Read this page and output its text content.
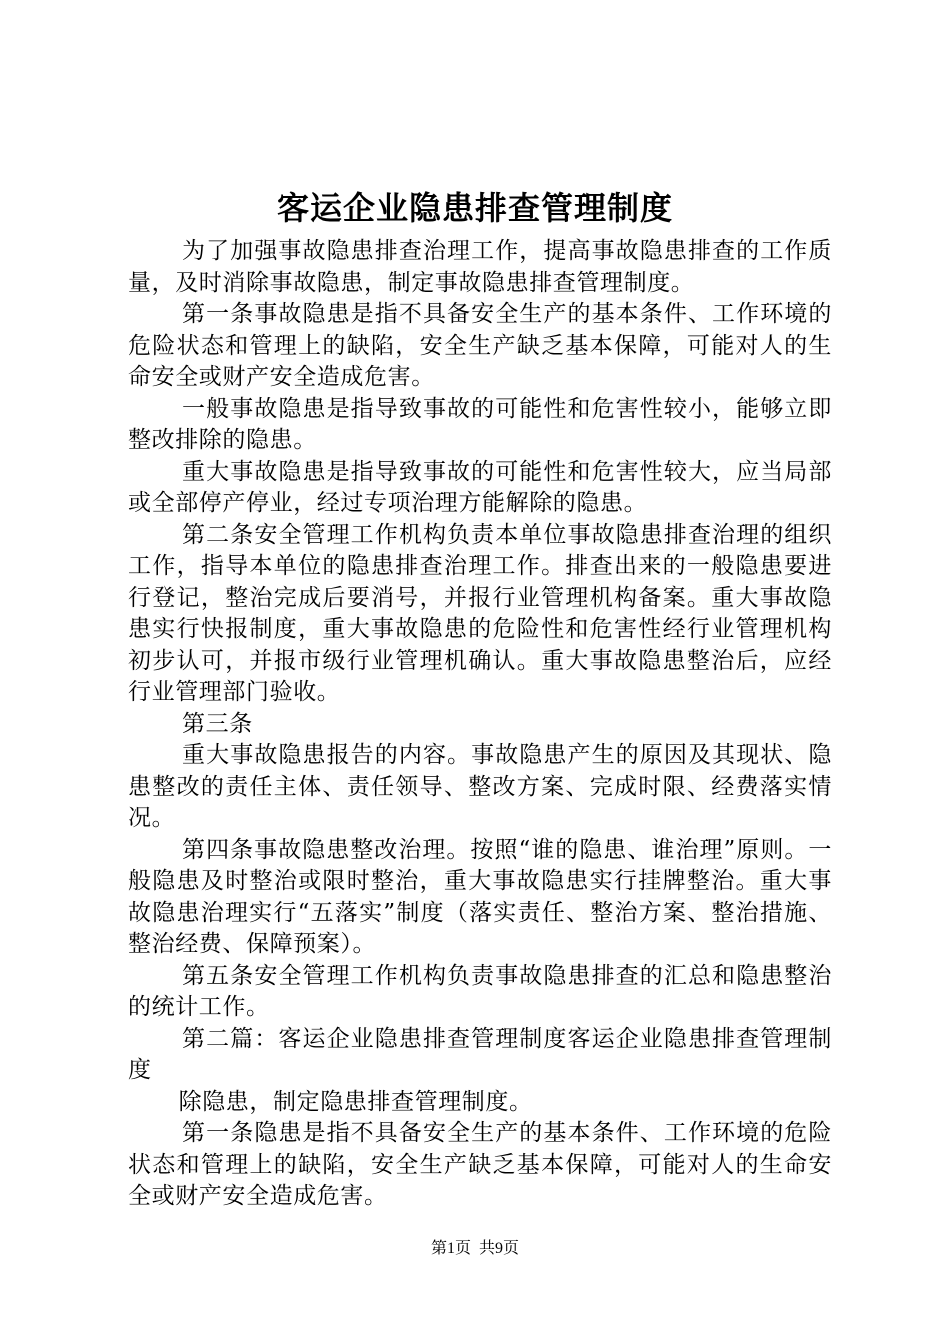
客运企业隐患排查管理制度

为了加强事故隐患排查治理工作，提高事故隐患排查的工作质量，及时消除事故隐患，制定事故隐患排查管理制度。

第一条事故隐患是指不具备安全生产的基本条件、工作环境的危险状态和管理上的缺陷，安全生产缺乏基本保障，可能对人的生命安全或财产安全造成危害。

一般事故隐患是指导致事故的可能性和危害性较小，能够立即整改排除的隐患。

重大事故隐患是指导致事故的可能性和危害性较大，应当局部或全部停产停业，经过专项治理方能解除的隐患。

第二条安全管理工作机构负责本单位事故隐患排查治理的组织工作，指导本单位的隐患排查治理工作。排查出来的一般隐患要进行登记，整治完成后要消号，并报行业管理机构备案。重大事故隐患实行快报制度，重大事故隐患的危险性和危害性经行业管理机构初步认可，并报市级行业管理机确认。重大事故隐患整治后，应经行业管理部门验收。

第三条

重大事故隐患报告的内容。事故隐患产生的原因及其现状、隐患整改的责任主体、责任领导、整改方案、完成时限、经费落实情况。

第四条事故隐患整改治理。按照“谁的隐患、谁治理”原则。一般隐患及时整治或限时整治，重大事故隐患实行挂牌整治。重大事故隐患治理实行“五落实”制度（落实责任、整治方案、整治措施、整治经费、保障预案）。

第五条安全管理工作机构负责事故隐患排查的汇总和隐患整治的统计工作。

第二篇：客运企业隐患排查管理制度客运企业隐患排查管理制度

除隐患，制定隐患排查管理制度。

第一条隐患是指不具备安全生产的基本条件、工作环境的危险状态和管理上的缺陷，安全生产缺乏基本保障，可能对人的生命安全或财产安全造成危害。

第1页  共9页
